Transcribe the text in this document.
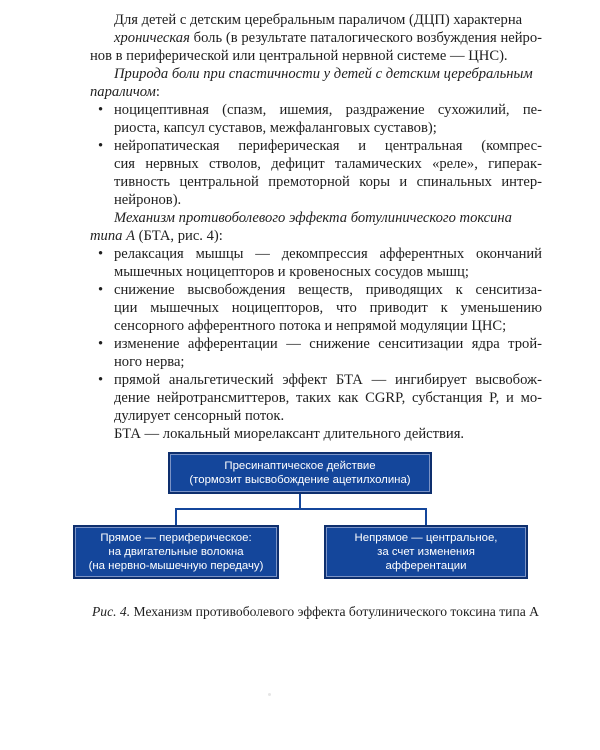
Для детей с детским церебральным параличом (ДЦП) характерна
хроническая боль (в результате паталогического возбуждения нейро-
нов в периферической или центральной нервной системе — ЦНС).

Природа боли при спастичности у детей с детским церебральным
параличом:

• ноцицептивная (спазм, ишемия, раздражение сухожилий, пе-
риоста, капсул суставов, межфаланговых суставов);
• нейропатическая периферическая и центральная (компрес-
сия нервных стволов, дефицит таламических «реле», гиперак-
тивность центральной премоторной коры и спинальных интер-
нейронов).

Механизм противоболевого эффекта ботулинического токсина
типа А (БТА, рис. 4):

• релаксация мышцы — декомпрессия афферентных окончаний
мышечных ноцицепторов и кровеносных сосудов мышц;
• снижение высвобождения веществ, приводящих к сенситиза-
ции мышечных ноцицепторов, что приводит к уменьшению
сенсорного афферентного потока и непрямой модуляции ЦНС;
• изменение афферентации — снижение сенситизации ядра трой-
ного нерва;
• прямой анальгетический эффект БТА — ингибирует высвобож-
дение нейротрансмиттеров, таких как CGRP, субстанция P, и мо-
дулирует сенсорный поток.

БТА — локальный миорелаксант длительного действия.

Пресинаптическое действие
(тормозит высвобождение ацетилхолина)
Прямое — периферическое:
на двигательные волокна
(на нервно-мышечную передачу)
Непрямое — центральное,
за счет изменения
афферентации
Рис. 4. Механизм противоболевого эффекта ботулинического токсина типа А
